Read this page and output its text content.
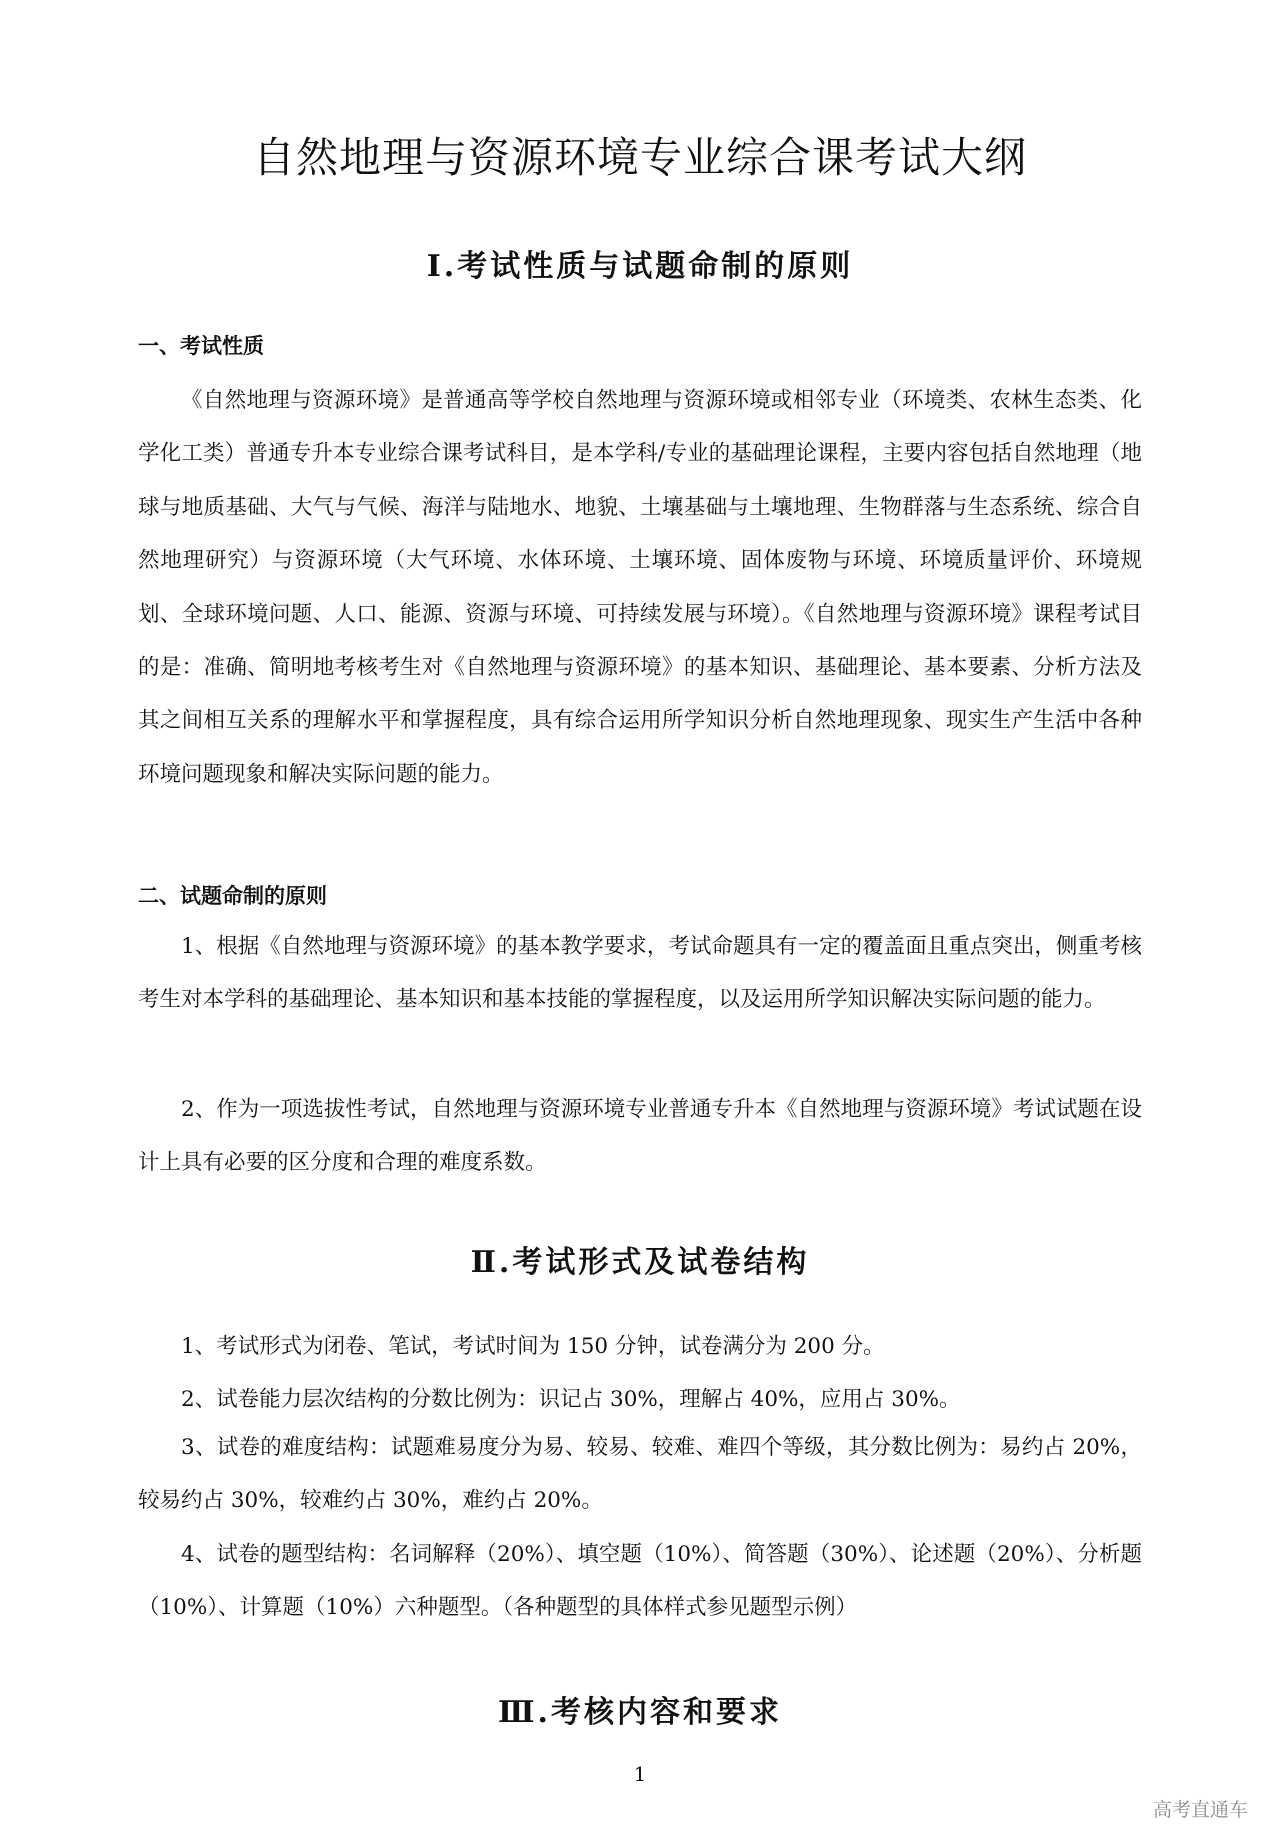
自然地理与资源环境专业综合课考试大纲
Ⅰ.考试性质与试题命制的原则
一、考试性质

《自然地理与资源环境》是普通高等学校自然地理与资源环境或相邻专业（环境类、农林生态类、化学化工类）普通专升本专业综合课考试科目，是本学科/专业的基础理论课程，主要内容包括自然地理（地球与地质基础、大气与气候、海洋与陆地水、地貌、土壤基础与土壤地理、生物群落与生态系统、综合自然地理研究）与资源环境（大气环境、水体环境、土壤环境、固体废物与环境、环境质量评价、环境规划、全球环境问题、人口、能源、资源与环境、可持续发展与环境）。《自然地理与资源环境》课程考试目的是：准确、简明地考核考生对《自然地理与资源环境》的基本知识、基础理论、基本要素、分析方法及其之间相互关系的理解水平和掌握程度，具有综合运用所学知识分析自然地理现象、现实生产生活中各种环境问题现象和解决实际问题的能力。

二、试题命制的原则

1、根据《自然地理与资源环境》的基本教学要求，考试命题具有一定的覆盖面且重点突出，侧重考核考生对本学科的基础理论、基本知识和基本技能的掌握程度，以及运用所学知识解决实际问题的能力。

2、作为一项选拔性考试，自然地理与资源环境专业普通专升本《自然地理与资源环境》考试试题在设计上具有必要的区分度和合理的难度系数。

Ⅱ.考试形式及试卷结构

1、考试形式为闭卷、笔试，考试时间为 150 分钟，试卷满分为 200 分。

2、试卷能力层次结构的分数比例为：识记占 30%，理解占 40%，应用占 30%。

3、试卷的难度结构：试题难易度分为易、较易、较难、难四个等级，其分数比例为：易约占 20%，较易约占 30%，较难约占 30%，难约占 20%。

4、试卷的题型结构：名词解释（20%）、填空题（10%）、简答题（30%）、论述题（20%）、分析题（10%）、计算题（10%）六种题型。（各种题型的具体样式参见题型示例）

Ⅲ.考核内容和要求
1
高考直通车
